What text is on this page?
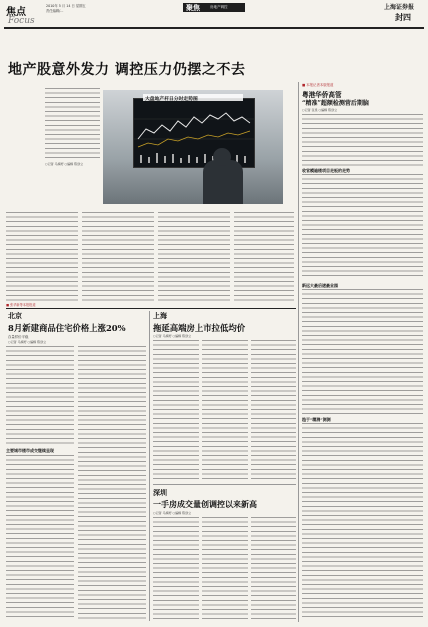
焦点
Focus
2010年 5 月 14 日 星期五
责任编辑/...	聚焦	房地产调控	上海证券报
封四
地产股意外发力 调控压力仍摆之不去
大盘地产杆日分时走势图
○记者 马婧妤 ○编辑 陈剑立
■ 本报记者本版报道
粤港华侨高管
“精准”超额检测营后期脑
○记者 张泉 ○编辑 陈剑立
收官模遍楼项目走板的走势
新远大最后遮最业园
趋于“精测”测测
北京
8月新建商品住宅价格上涨20%
存量样价平稳
○记者 马婧妤 ○编辑 陈剑立
主要城市楼市成交继续呈现
上海
拖延高端房上市拉低均价
○记者 马婧妤 ○编辑 陈剑立
深圳
一手房成交量创调控以来新高
○记者 马婧妤 ○编辑 陈剑立
■ 张华新等本报报道
